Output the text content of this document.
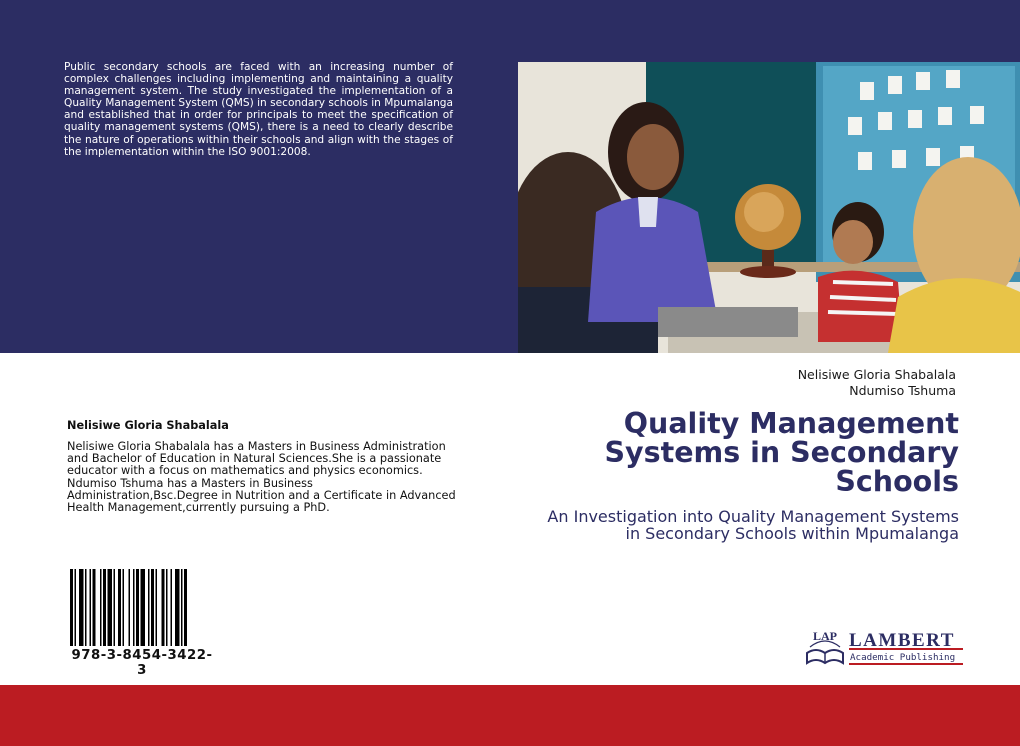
Public secondary schools are faced with an increasing number of complex challenges including implementing and maintaining a quality management system. The study investigated the implementation of a Quality Management System (QMS) in secondary schools in Mpumalanga and established that in order for principals to meet the specification of quality management systems (QMS), there is a need to clearly describe the nature of operations within their schools and align with the stages of the implementation within the ISO 9001:2008.

Nelisiwe Gloria Shabalala
Ndumiso Tshuma
Quality Management
Systems in Secondary
Schools

An Investigation into Quality Management Systems
in Secondary Schools within Mpumalanga

Nelisiwe Gloria Shabalala

Nelisiwe Gloria Shabalala has a Masters in Business Administration and Bachelor of Education in Natural Sciences.She is a passionate educator with a focus on mathematics and physics economics. Ndumiso Tshuma has a Masters in Business Administration,Bsc.Degree in Nutrition and a Certificate in Advanced Health Management,currently pursuing a PhD.

978-3-8454-3422-3
LAP LAMBERT
Academic Publishing
